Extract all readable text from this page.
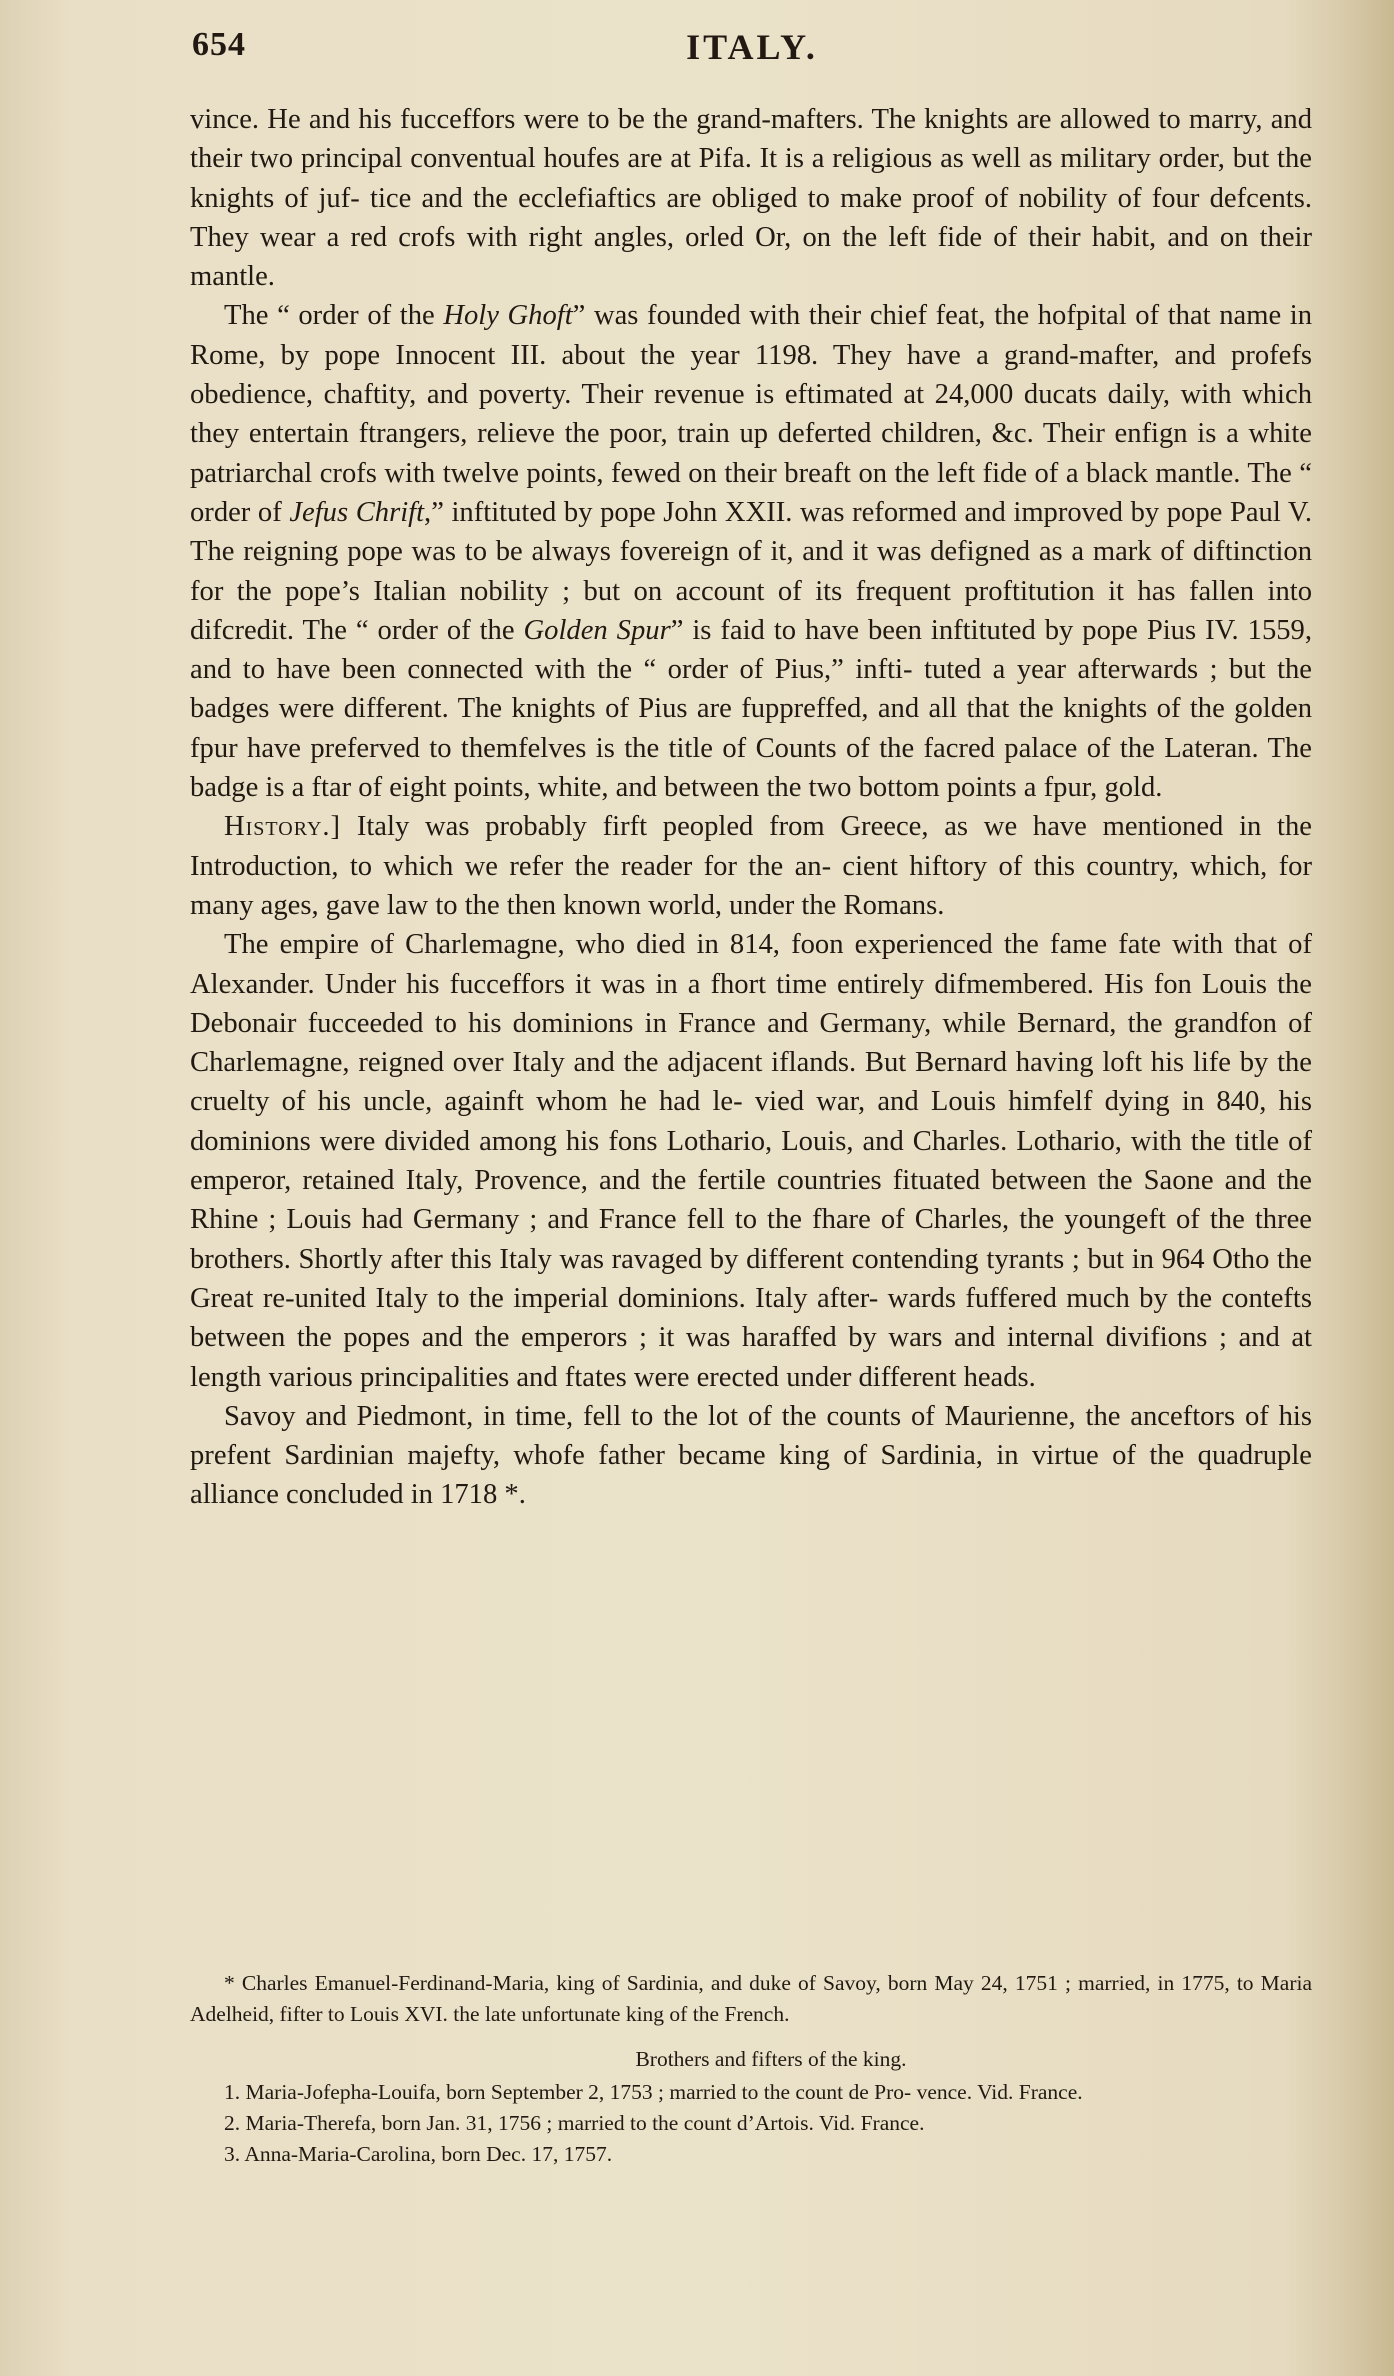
654	ITALY.

vince. He and his fucceffors were to be the grand-mafters. The knights are allowed to marry, and their two principal conventual houfes are at Pifa. It is a religious as well as military order, but the knights of juf- tice and the ecclefiaftics are obliged to make proof of nobility of four defcents. They wear a red crofs with right angles, orled Or, on the left fide of their habit, and on their mantle.

The “ order of the Holy Ghoft” was founded with their chief feat, the hofpital of that name in Rome, by pope Innocent III. about the year 1198. They have a grand-mafter, and profefs obedience, chaftity, and poverty. Their revenue is eftimated at 24,000 ducats daily, with which they entertain ftrangers, relieve the poor, train up deferted children, &c. Their enfign is a white patriarchal crofs with twelve points, fewed on their breaft on the left fide of a black mantle. The “ order of Jefus Chrift,” inftituted by pope John XXII. was reformed and improved by pope Paul V. The reigning pope was to be always fovereign of it, and it was defigned as a mark of diftinction for the pope’s Italian nobility ; but on account of its frequent proftitution it has fallen into difcredit. The “ order of the Golden Spur” is faid to have been inftituted by pope Pius IV. 1559, and to have been connected with the “ order of Pius,” infti- tuted a year afterwards ; but the badges were different. The knights of Pius are fuppreffed, and all that the knights of the golden fpur have preferved to themfelves is the title of Counts of the facred palace of the Lateran. The badge is a ftar of eight points, white, and between the two bottom points a fpur, gold.

History.] Italy was probably firft peopled from Greece, as we have mentioned in the Introduction, to which we refer the reader for the an- cient hiftory of this country, which, for many ages, gave law to the then known world, under the Romans.

The empire of Charlemagne, who died in 814, foon experienced the fame fate with that of Alexander. Under his fucceffors it was in a fhort time entirely difmembered. His fon Louis the Debonair fucceeded to his dominions in France and Germany, while Bernard, the grandfon of Charlemagne, reigned over Italy and the adjacent iflands. But Bernard having loft his life by the cruelty of his uncle, againft whom he had le- vied war, and Louis himfelf dying in 840, his dominions were divided among his fons Lothario, Louis, and Charles. Lothario, with the title of emperor, retained Italy, Provence, and the fertile countries fituated between the Saone and the Rhine ; Louis had Germany ; and France fell to the fhare of Charles, the youngeft of the three brothers. Shortly after this Italy was ravaged by different contending tyrants ; but in 964 Otho the Great re-united Italy to the imperial dominions. Italy after- wards fuffered much by the contefts between the popes and the emperors ; it was haraffed by wars and internal divifions ; and at length various principalities and ftates were erected under different heads.

Savoy and Piedmont, in time, fell to the lot of the counts of Maurienne, the anceftors of his prefent Sardinian majefty, whofe father became king of Sardinia, in virtue of the quadruple alliance concluded in 1718 *.

* Charles Emanuel-Ferdinand-Maria, king of Sardinia, and duke of Savoy, born May 24, 1751 ; married, in 1775, to Maria Adelheid, fifter to Louis XVI. the late unfortunate king of the French.

Brothers and fifters of the king.

1. Maria-Jofepha-Louifa, born September 2, 1753 ; married to the count de Pro- vence. Vid. France.

2. Maria-Therefa, born Jan. 31, 1756 ; married to the count d’Artois. Vid. France.

3. Anna-Maria-Carolina, born Dec. 17, 1757.
